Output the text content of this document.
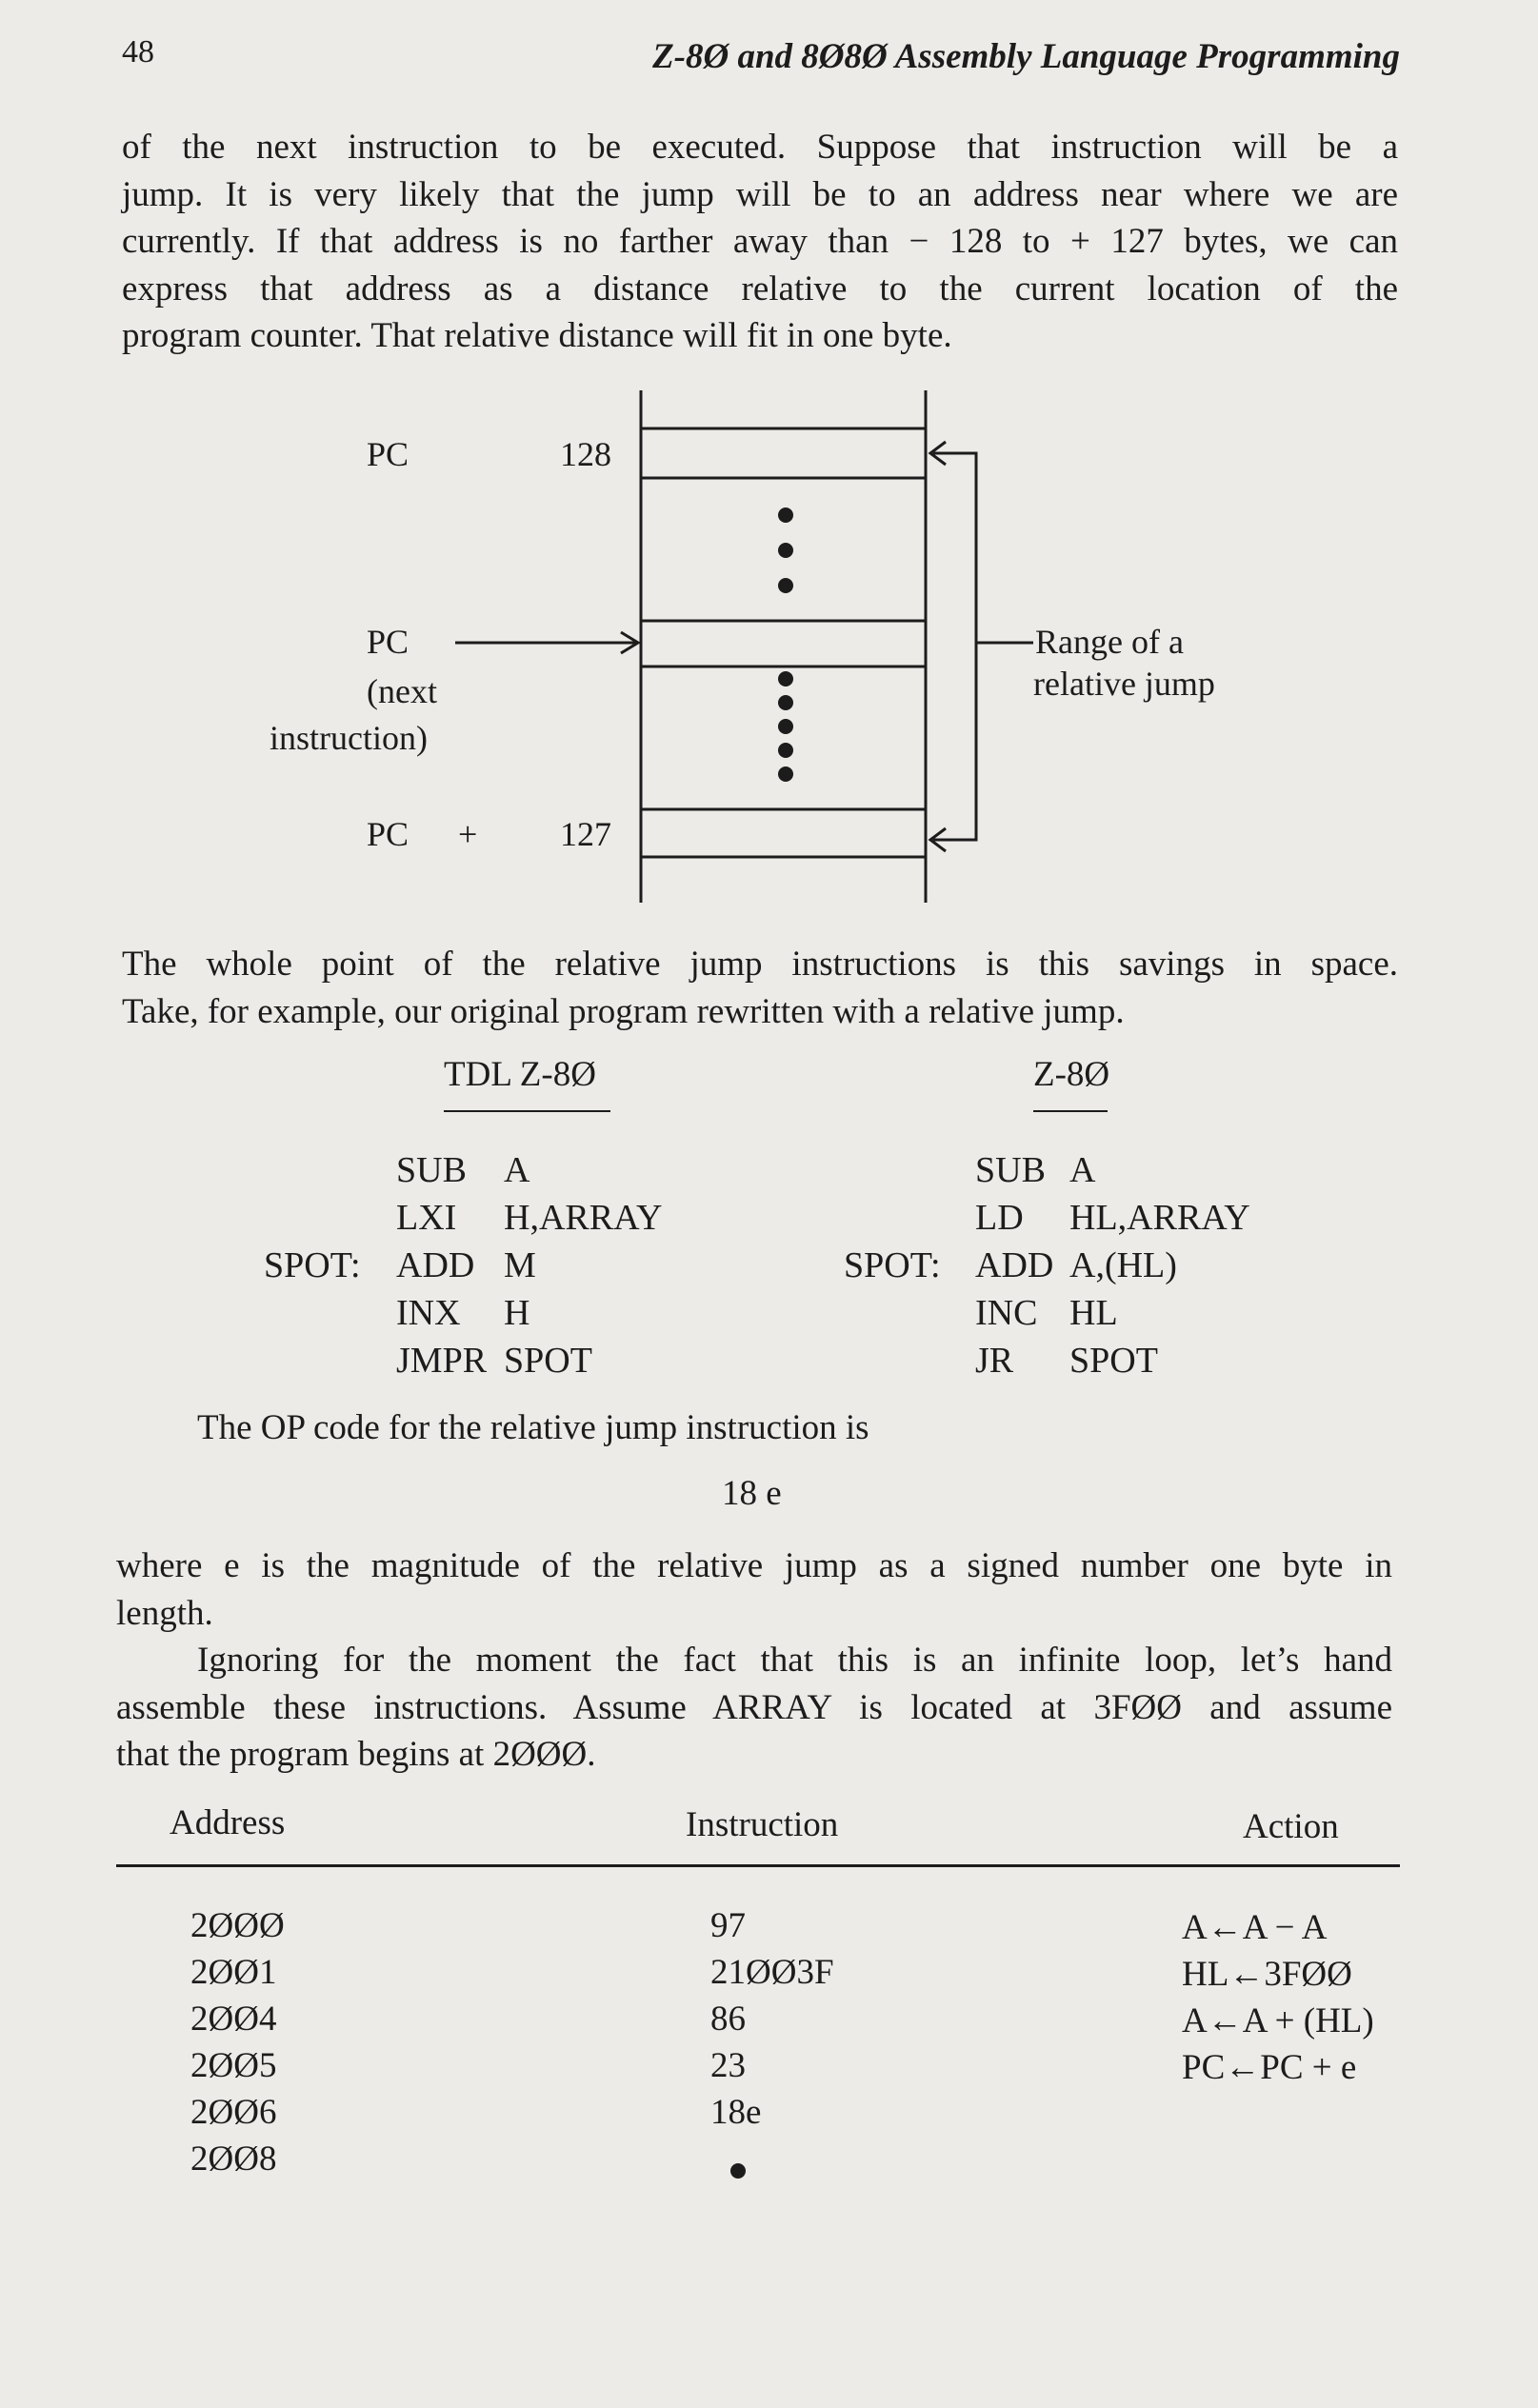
48	Z-8Ø and 8Ø8Ø Assembly Language Programming
of the next instruction to be executed. Suppose that instruction will be a
jump. It is very likely that the jump will be to an address near where we are
currently. If that address is no farther away than − 128 to + 127 bytes, we can
express that address as a distance relative to the current location of the
program counter. That relative distance will fit in one byte.
PC	128
PC
(next
instruction)
PC + 127
Range of a
relative jump
The whole point of the relative jump instructions is this savings in space.
Take, for example, our original program rewritten with a relative jump.
TDL Z-8Ø
SUB A
LXI H,ARRAY
SPOT: ADD M
INX H
JMPR SPOT
Z-8Ø
SUB A
LD HL,ARRAY
SPOT: ADD A,(HL)
INC HL
JR SPOT
The OP code for the relative jump instruction is
18 e
where e is the magnitude of the relative jump as a signed number one byte in
length.
Ignoring for the moment the fact that this is an infinite loop, let’s hand
assemble these instructions. Assume ARRAY is located at 3FØØ and assume
that the program begins at 2ØØØ.
Address	Instruction	Action
2ØØØ	97	A←A − A
2ØØ1	21ØØ3F	HL←3FØØ
2ØØ4	86	A←A + (HL)
2ØØ5	23	PC←PC + e
2ØØ6	18e
2ØØ8
